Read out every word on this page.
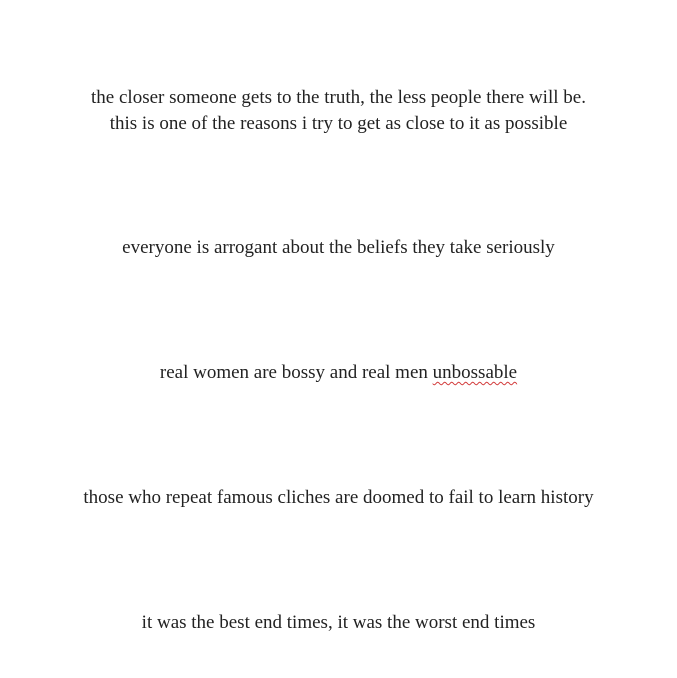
the closer someone gets to the truth, the less people there will be.
this is one of the reasons i try to get as close to it as possible
everyone is arrogant about the beliefs they take seriously
real women are bossy and real men unbossable
those who repeat famous cliches are doomed to fail to learn history
it was the best end times, it was the worst end times
